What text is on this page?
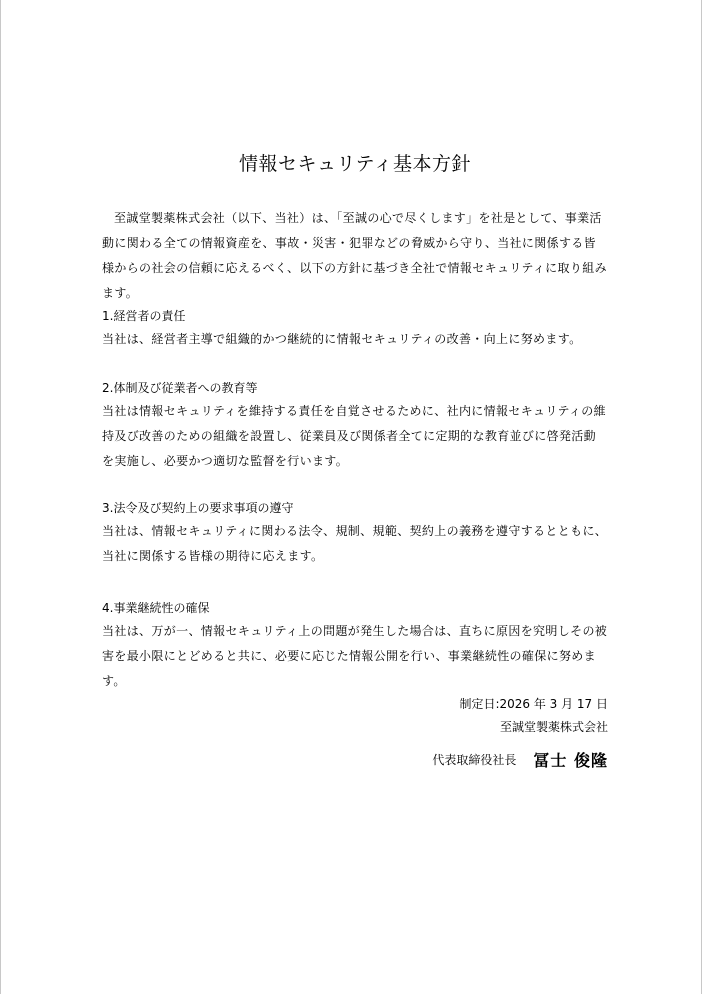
情報セキュリティ基本方針

至誠堂製薬株式会社（以下、当社）は、「至誠の心で尽くします」を社是として、事業活動に関わる全ての情報資産を、事故・災害・犯罪などの脅威から守り、当社に関係する皆様からの社会の信頼に応えるべく、以下の方針に基づき全社で情報セキュリティに取り組みます。

1.経営者の責任

当社は、経営者主導で組織的かつ継続的に情報セキュリティの改善・向上に努めます。

2.体制及び従業者への教育等

当社は情報セキュリティを維持する責任を自覚させるために、社内に情報セキュリティの維持及び改善のための組織を設置し、従業員及び関係者全てに定期的な教育並びに啓発活動を実施し、必要かつ適切な監督を行います。

3.法令及び契約上の要求事項の遵守

当社は、情報セキュリティに関わる法令、規制、規範、契約上の義務を遵守するとともに、当社に関係する皆様の期待に応えます。

4.事業継続性の確保

当社は、万が一、情報セキュリティ上の問題が発生した場合は、直ちに原因を究明しその被害を最小限にとどめると共に、必要に応じた情報公開を行い、事業継続性の確保に努めます。

制定日:2026 年 3 月 17 日
至誠堂製薬株式会社
代表取締役社長 冨士 俊隆
